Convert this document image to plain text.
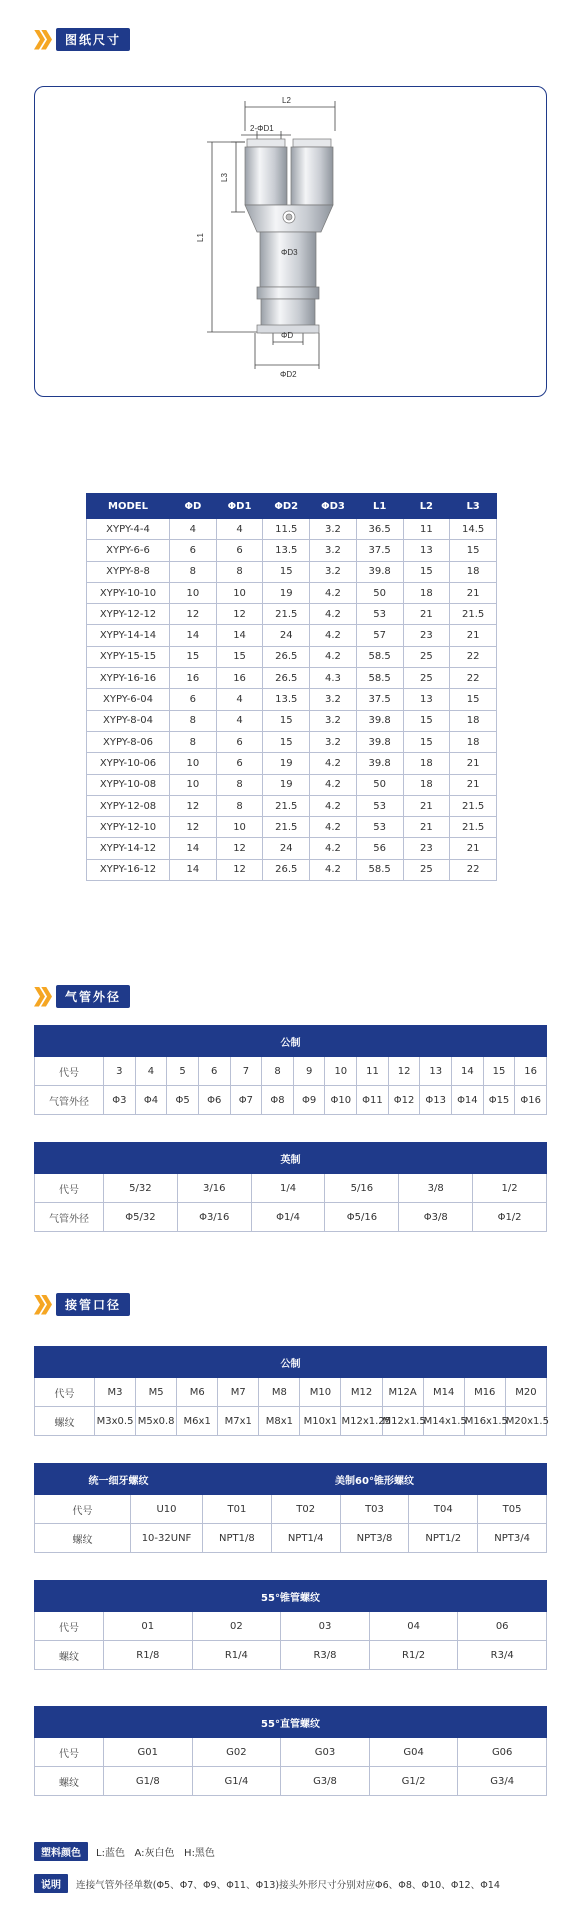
图纸尺寸
L2
2-ΦD1
L3
L1
ΦD3
ΦD
ΦD2
MODEL	ΦD	ΦD1	ΦD2	ΦD3	L1	L2	L3
XYPY-4-4	4	4	11.5	3.2	36.5	11	14.5
XYPY-6-6	6	6	13.5	3.2	37.5	13	15
XYPY-8-8	8	8	15	3.2	39.8	15	18
XYPY-10-10	10	10	19	4.2	50	18	21
XYPY-12-12	12	12	21.5	4.2	53	21	21.5
XYPY-14-14	14	14	24	4.2	57	23	21
XYPY-15-15	15	15	26.5	4.2	58.5	25	22
XYPY-16-16	16	16	26.5	4.3	58.5	25	22
XYPY-6-04	6	4	13.5	3.2	37.5	13	15
XYPY-8-04	8	4	15	3.2	39.8	15	18
XYPY-8-06	8	6	15	3.2	39.8	15	18
XYPY-10-06	10	6	19	4.2	39.8	18	21
XYPY-10-08	10	8	19	4.2	50	18	21
XYPY-12-08	12	8	21.5	4.2	53	21	21.5
XYPY-12-10	12	10	21.5	4.2	53	21	21.5
XYPY-14-12	14	12	24	4.2	56	23	21
XYPY-16-12	14	12	26.5	4.2	58.5	25	22
气管外径
公制														
代号	3	4	5	6	7	8	9	10	11	12	13	14	15	16
气管外径	Φ3	Φ4	Φ5	Φ6	Φ7	Φ8	Φ9	Φ10	Φ11	Φ12	Φ13	Φ14	Φ15	Φ16
英制						
代号	5/32	3/16	1/4	5/16	3/8	1/2
气管外径	Φ5/32	Φ3/16	Φ1/4	Φ5/16	Φ3/8	Φ1/2
接管口径
公制											
代号	M3	M5	M6	M7	M8	M10	M12	M12A	M14	M16	M20
螺纹	M3x0.5	M5x0.8	M6x1	M7x1	M8x1	M10x1	M12x1.25	M12x1.5	M14x1.5	M16x1.5	M20x1.5
统一细牙螺纹		美制60°锥形螺纹				
代号	U10	T01	T02	T03	T04	T05
螺纹	10-32UNF	NPT1/8	NPT1/4	NPT3/8	NPT1/2	NPT3/4
55°锥管螺纹					
代号	01	02	03	04	06
螺纹	R1/8	R1/4	R3/8	R1/2	R3/4
55°直管螺纹					
代号	G01	G02	G03	G04	G06
螺纹	G1/8	G1/4	G3/8	G1/2	G3/4
塑料颜色	L:蓝色   A:灰白色   H:黑色
说明	连接气管外径单数(Φ5、Φ7、Φ9、Φ11、Φ13)接头外形尺寸分别对应Φ6、Φ8、Φ10、Φ12、Φ14
